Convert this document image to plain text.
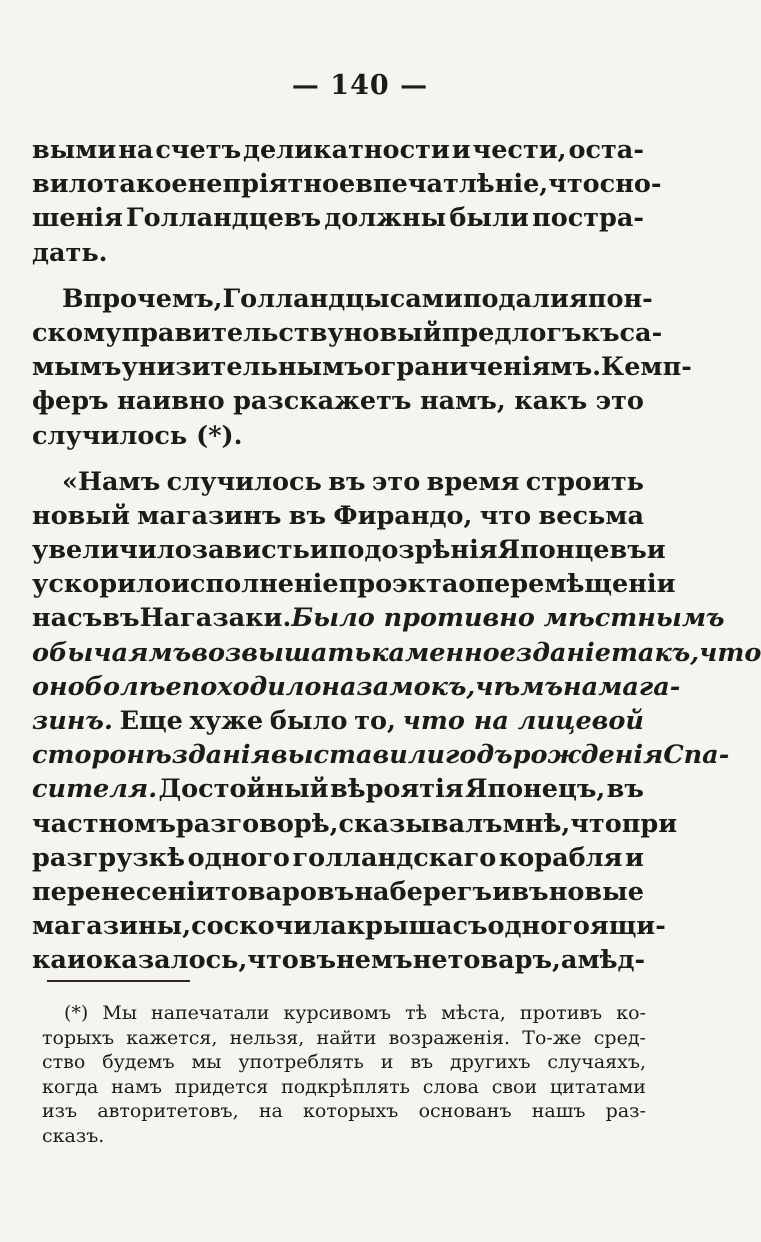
— 140 —
выми на счетъ деликатности и чести, оста-
вило такое непріятное впечатлѣніе, что сно-
шенія Голландцевъ должны были постра-
дать.
Впрочемъ, Голландцы сами подали япон-
скому правительству новый предлогъ къ са-
мымъ унизительнымъ ограниченіямъ. Кемп-
феръ наивно разскажетъ намъ, какъ это
случилось (*).
«Намъ случилось въ это время строить
новый магазинъ въ Фирандо, что весьма
увеличило зависть и подозрѣнія Японцевъ и
ускорило исполненіе проэкта о перемѣщеніи
насъ въ Нагазаки. Было противно мѣстнымъ
обычаямъ возвышать каменное зданіе такъ, что
оно болѣе походило на замокъ, чѣмъ на мага-
зинъ. Еще хуже было то, что на лицевой
сторонѣ зданія выставили годъ рожденія Спа-
сителя. Достойный вѣроятія Японецъ, въ
частномъ разговорѣ, сказывалъ мнѣ, что при
разгрузкѣ одного голландскаго корабля и
перенесеніи товаровъ на берегъ и въ новые
магазины, соскочила крыша съ одного ящи-
ка и оказалось, что въ немъ не товаръ, а мѣд-
(*) Мы напечатали курсивомъ тѣ мѣста, противъ ко-
торыхъ кажется, нельзя, найти возраженія. То-же сред-
ство будемъ мы употреблять и въ другихъ случаяхъ,
когда намъ придется подкрѣплять слова свои цитатами
изъ авторитетовъ, на которыхъ основанъ нашъ раз-
сказъ.
